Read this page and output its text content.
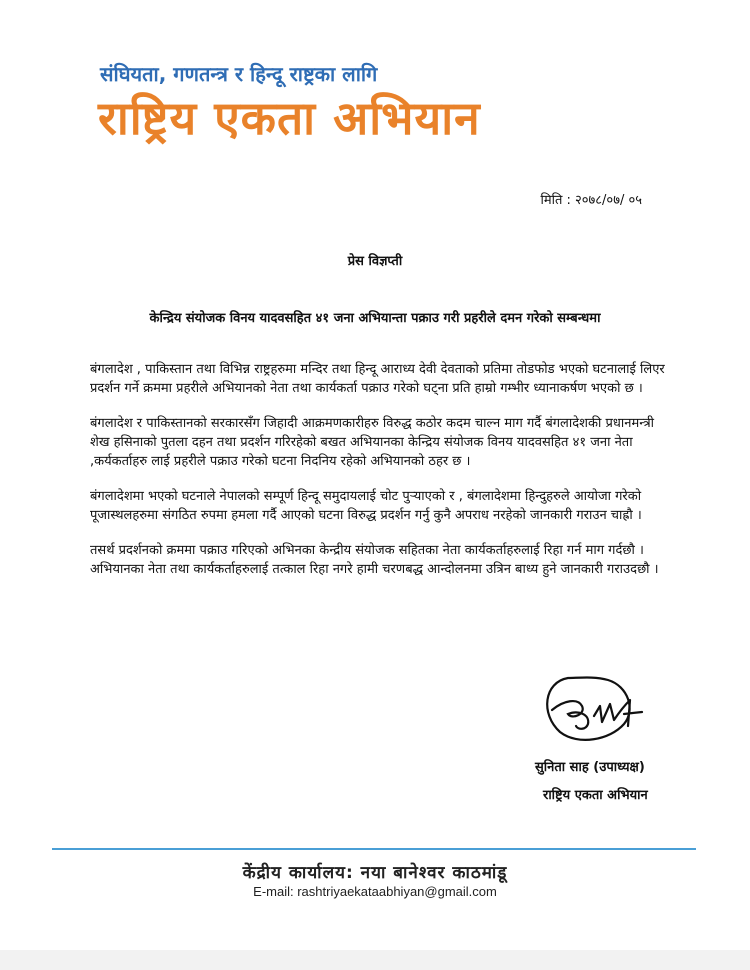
संघियता, गणतन्त्र र हिन्दू राष्ट्रका लागि
राष्ट्रिय एकता अभियान
मिति : २०७८/०७/ ०५
प्रेस विज्ञप्ती
केन्द्रिय संयोजक विनय यादवसहित ४१ जना अभियान्ता पक्राउ गरी प्रहरीले दमन गरेको सम्बन्धमा

बंगलादेश , पाकिस्तान तथा विभिन्न राष्ट्रहरुमा मन्दिर तथा हिन्दू आराध्य देवी देवताको प्रतिमा तोडफोड भएको घटनालाई लिएर प्रदर्शन गर्ने क्रममा प्रहरीले अभियानको नेता तथा कार्यकर्ता पक्राउ गरेको घट्ना प्रति हाम्रो गम्भीर ध्यानाकर्षण भएको छ ।

बंगलादेश र पाकिस्तानको सरकारसँग जिहादी आक्रमणकारीहरु विरुद्ध कठोर कदम चाल्न माग गर्दै बंगलादेशकी प्रधानमन्त्री शेख हसिनाको पुतला दहन तथा प्रदर्शन गरिरहेको बखत अभियानका केन्द्रिय संयोजक विनय यादवसहित ४१ जना नेता ,कर्यकर्ताहरु लाई प्रहरीले पक्राउ गरेको घटना निदनिय रहेको अभियानको ठहर छ ।

बंगलादेशमा भएको घटनाले नेपालको सम्पूर्ण हिन्दू समुदायलाई चोट पुर्‍याएको र , बंगलादेशमा हिन्दुहरुले आयोजा गरेको पूजास्थलहरुमा संगठित रुपमा हमला गर्दै आएको घटना विरुद्ध प्रदर्शन गर्नु कुनै अपराध नरहेको जानकारी गराउन चाह्रौ ।

तसर्थ प्रदर्शनको क्रममा पक्राउ गरिएको अभिनका केन्द्रीय संयोजक सहितका नेता कार्यकर्ताहरुलाई रिहा गर्न माग गर्दछौ । अभियानका नेता तथा कार्यकर्ताहरुलाई तत्काल रिहा नगरे हामी चरणबद्ध आन्दोलनमा उत्रिन बाध्य हुने जानकारी गराउदछौ ।

सुनिता साह (उपाध्यक्ष)
राष्ट्रिय एकता अभियान
केंद्रीय कार्यालय: नया बानेश्वर काठमांडू
E-mail: rashtriyaekataabhiyan@gmail.com
